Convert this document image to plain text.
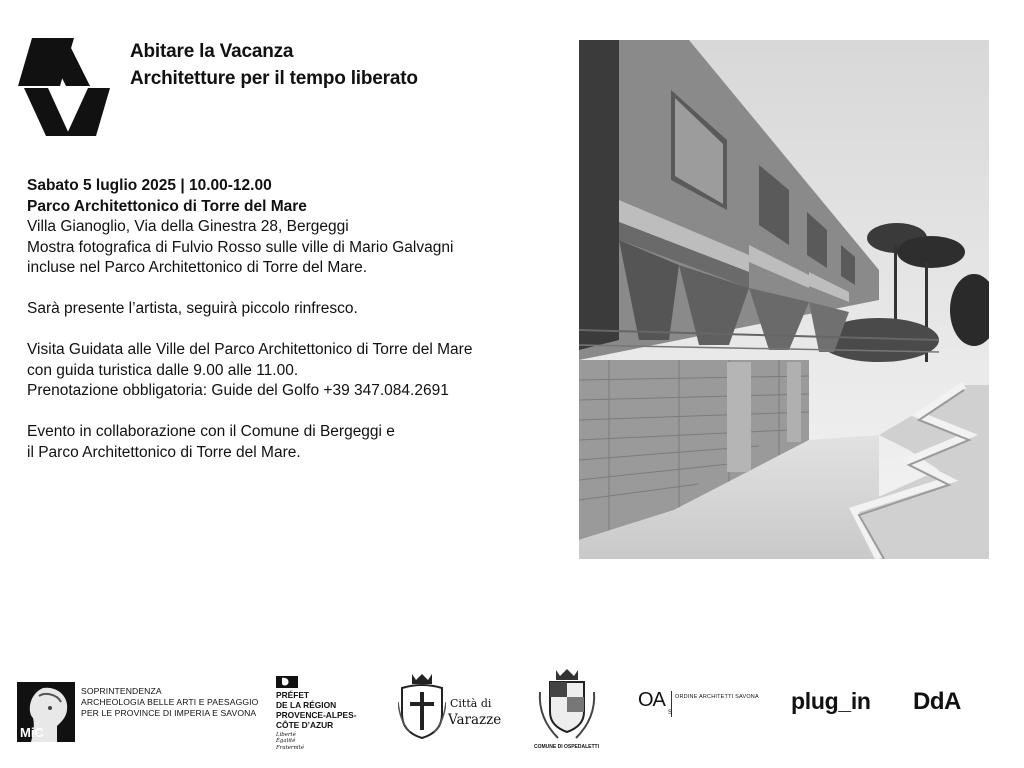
Abitare la Vacanza
Architetture per il tempo liberato
Sabato 5 luglio 2025 | 10.00-12.00
Parco Architettonico di Torre del Mare
Villa Gianoglio, Via della Ginestra 28, Bergeggi
Mostra fotografica di Fulvio Rosso sulle ville di Mario Galvagni
incluse nel Parco Architettonico di Torre del Mare.
Sarà presente l’artista, seguirà piccolo rinfresco.
Visita Guidata alle Ville del Parco Architettonico di Torre del Mare
con guida turistica dalle 9.00 alle 11.00.
Prenotazione obbligatoria: Guide del Golfo +39 347.084.2691
Evento in collaborazione con il Comune di Bergeggi e
il Parco Architettonico di Torre del Mare.
MiC
SOPRINTENDENZA
ARCHEOLOGIA BELLE ARTI E PAESAGGIO
PER LE PROVINCE DI IMPERIA E SAVONA
PRÉFET
DE LA RÉGION
PROVENCE-ALPES-
CÔTE D’AZUR
Liberté
Égalité
Fraternité
Città di
Varazze
COMUNE DI OSPEDALETTI
OA
S
ORDINE ARCHITETTI SAVONA plug_in DdA
